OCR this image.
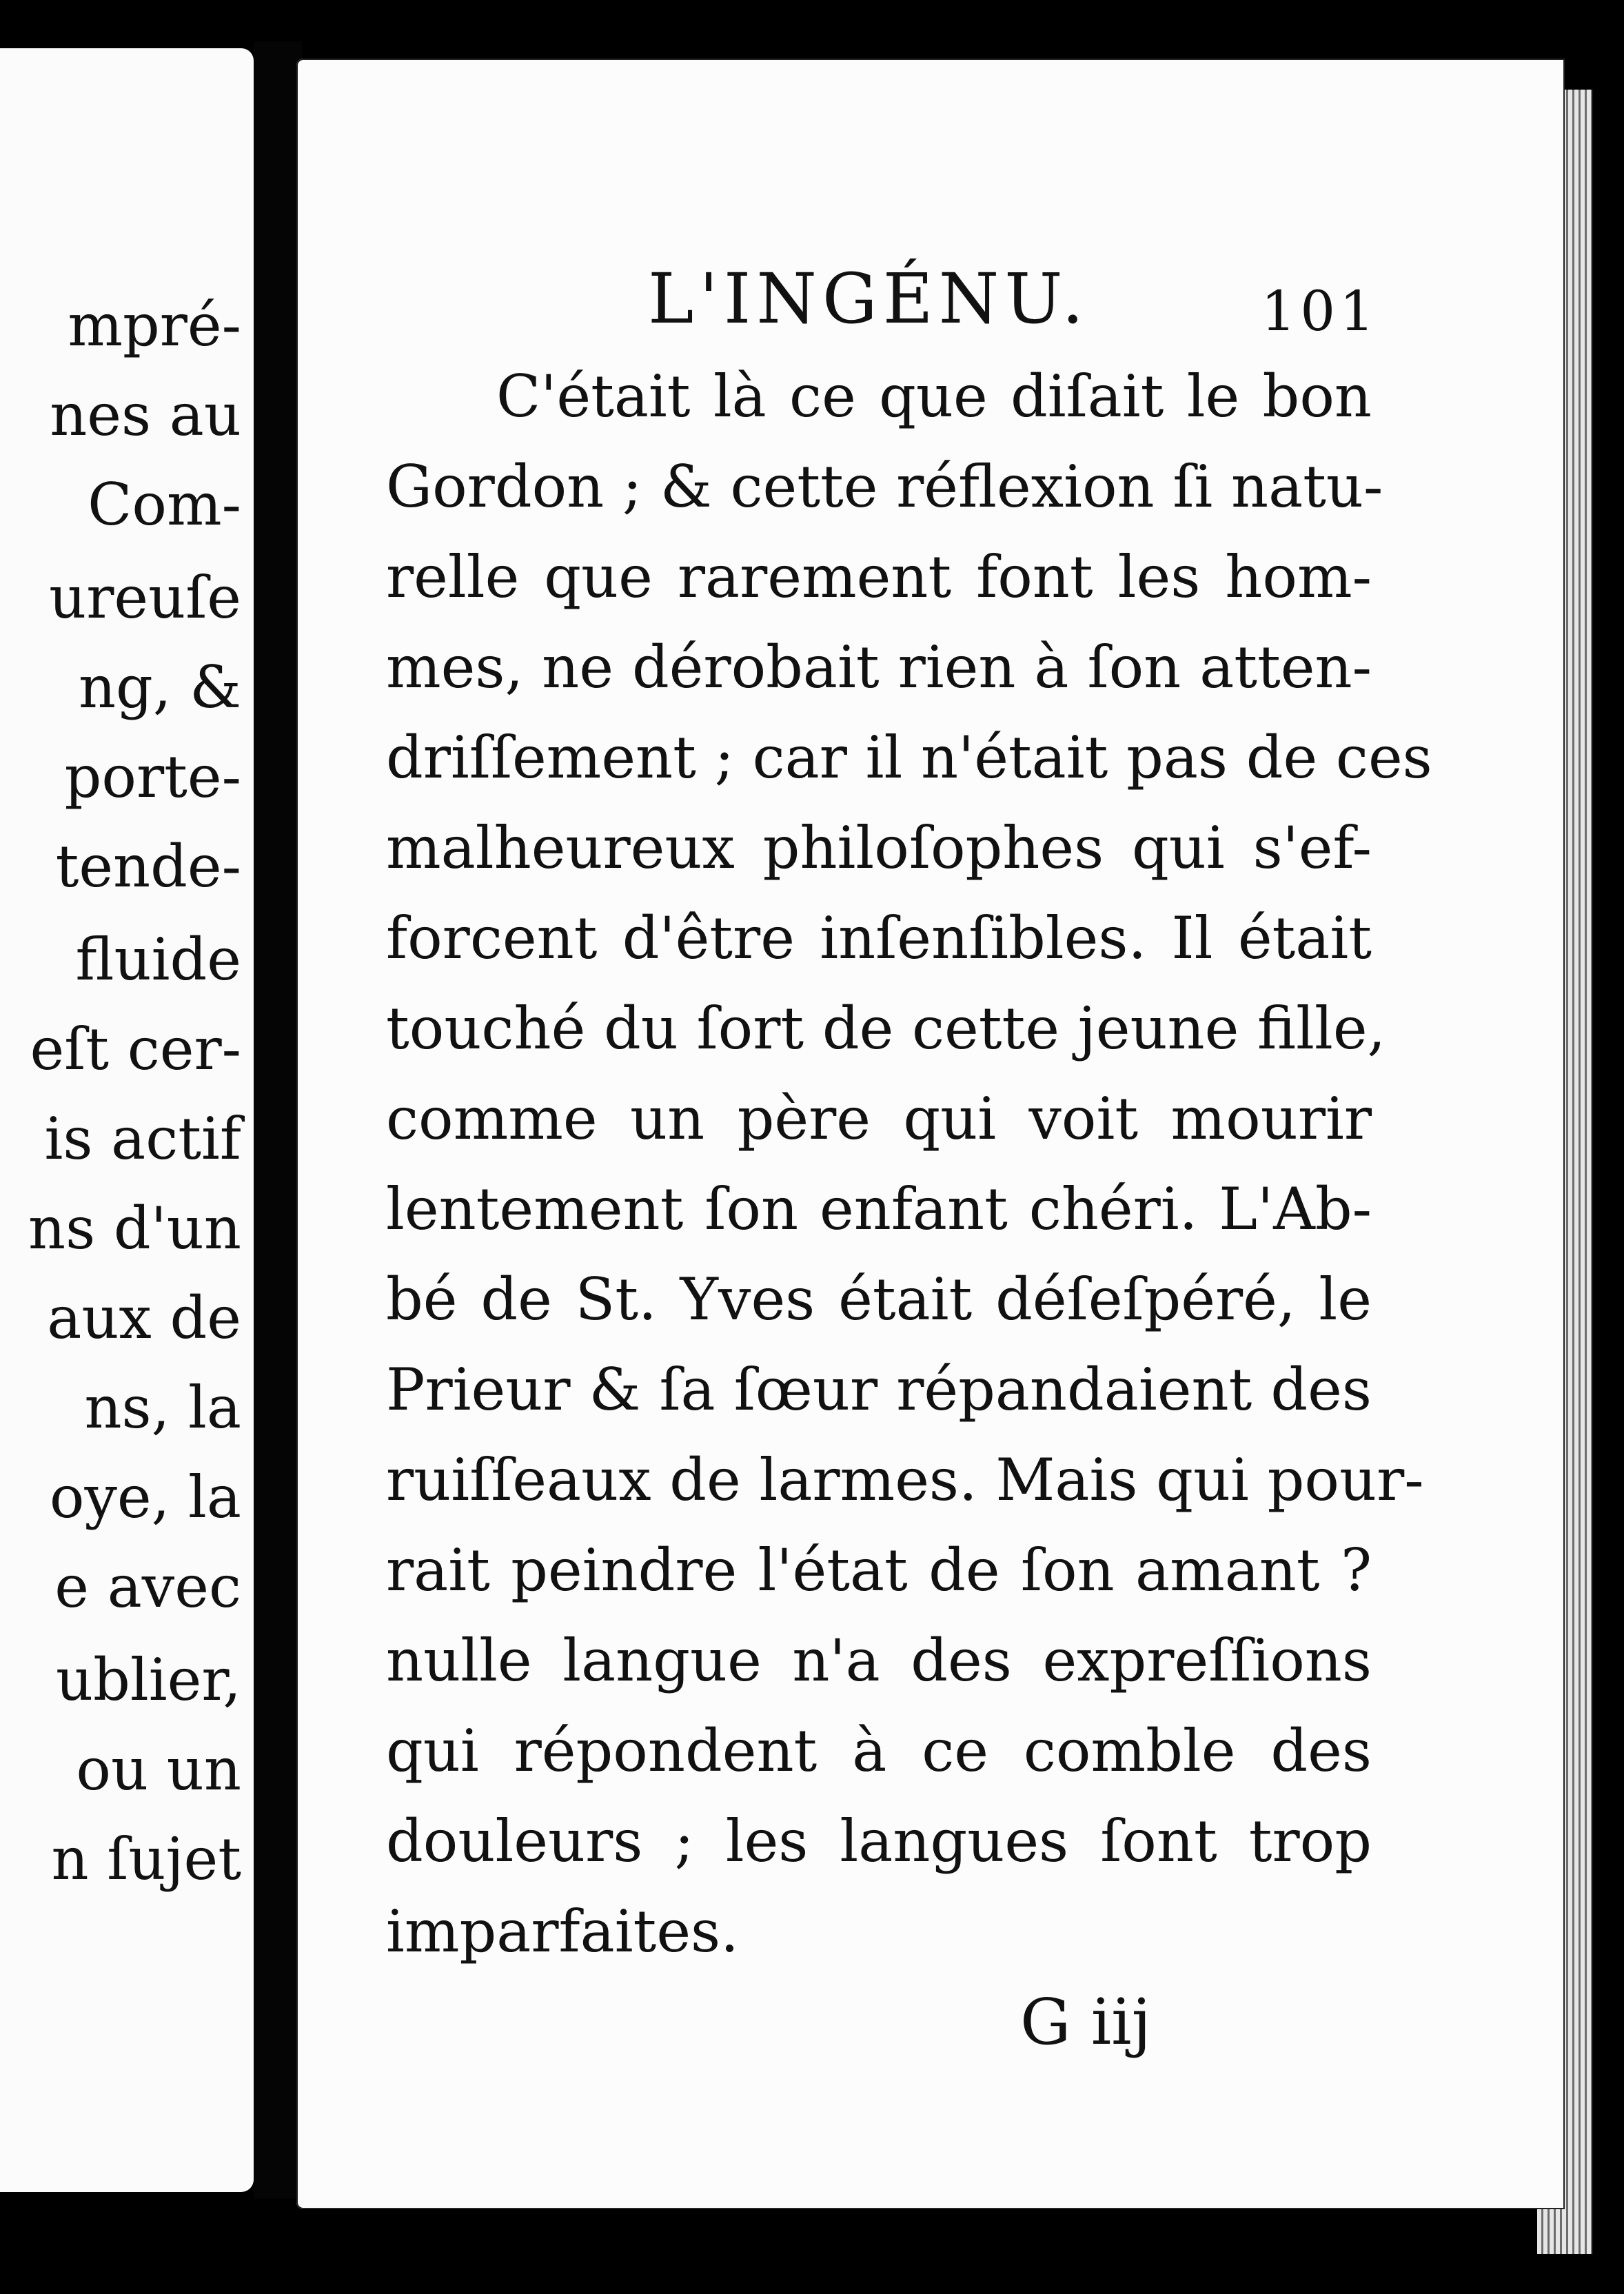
mpré-
nes au
Com-
ureuſe
ng, &
porte-
tende-
fluide
eſt cer-
is actif
ns d'un
aux de
ns, la
oye, la
e avec
ublier,
ou un
n ſujet
L'INGÉNU.	101

C'était là ce que diſait le bon
Gordon ; & cette réflexion ſi natu-
relle que rarement font les hom-
mes, ne dérobait rien à ſon atten-
driſſement ; car il n'était pas de ces
malheureux philoſophes qui s'ef-
forcent d'être inſenſibles. Il était
touché du ſort de cette jeune fille,
comme un père qui voit mourir
lentement ſon enfant chéri. L'Ab-
bé de St. Yves était déſeſpéré, le
Prieur & ſa ſœur répandaient des
ruiſſeaux de larmes. Mais qui pour-
rait peindre l'état de ſon amant ?
nulle langue n'a des expreſſions
qui répondent à ce comble des
douleurs ; les langues ſont trop
imparfaites.

G iij
